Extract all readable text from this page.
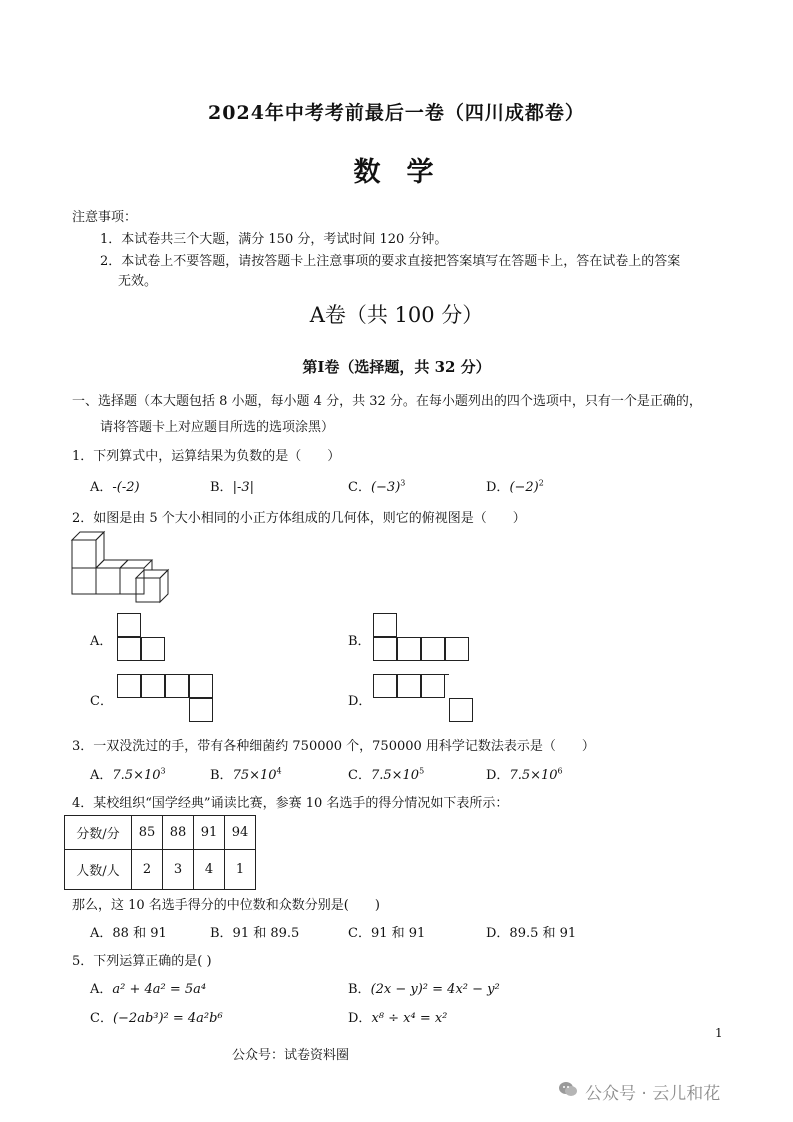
2024年中考考前最后一卷（四川成都卷）
数学
注意事项：
1．本试卷共三个大题，满分 150 分，考试时间 120 分钟。
2．本试卷上不要答题，请按答题卡上注意事项的要求直接把答案填写在答题卡上，答在试卷上的答案
无效。
A卷（共 100 分）
第Ⅰ卷（选择题，共 32 分）
一、选择题（本大题包括 8 小题，每小题 4 分，共 32 分。在每小题列出的四个选项中，只有一个是正确的，
请将答题卡上对应题目所选的选项涂黑）
1．下列算式中，运算结果为负数的是（　　）
A．-(-2)	B．|-3|	C．$(-3)^3$	D．$(-2)^2$
2．如图是由 5 个大小相同的小正方体组成的几何体，则它的俯视图是（　　）
A．	B．
C．	D．
3．一双没洗过的手，带有各种细菌约 750000 个，750000 用科学记数法表示是（　　）
A．$7.5\times 10^3$	B．$75\times 10^4$	C．$7.5\times 10^5$	D．$7.5\times 10^6$
4．某校组织“国学经典”诵读比赛，参赛 10 名选手的得分情况如下表所示：
分数/分	85	88	91	94
人数/人	2	3	4	1
那么，这 10 名选手得分的中位数和众数分别是(　　)
A．88 和 91	B．91 和 89.5	C．91 和 91	D．89.5 和 91
5．下列运算正确的是( )
A．a² + 4a² = 5a⁴	B．(2x − y)² = 4x² − y²
C．(−2ab³)² = 4a²b⁶	D．x⁸ ÷ x⁴ = x²
1
公众号：试卷资料圈
公众号 · 云儿和花
